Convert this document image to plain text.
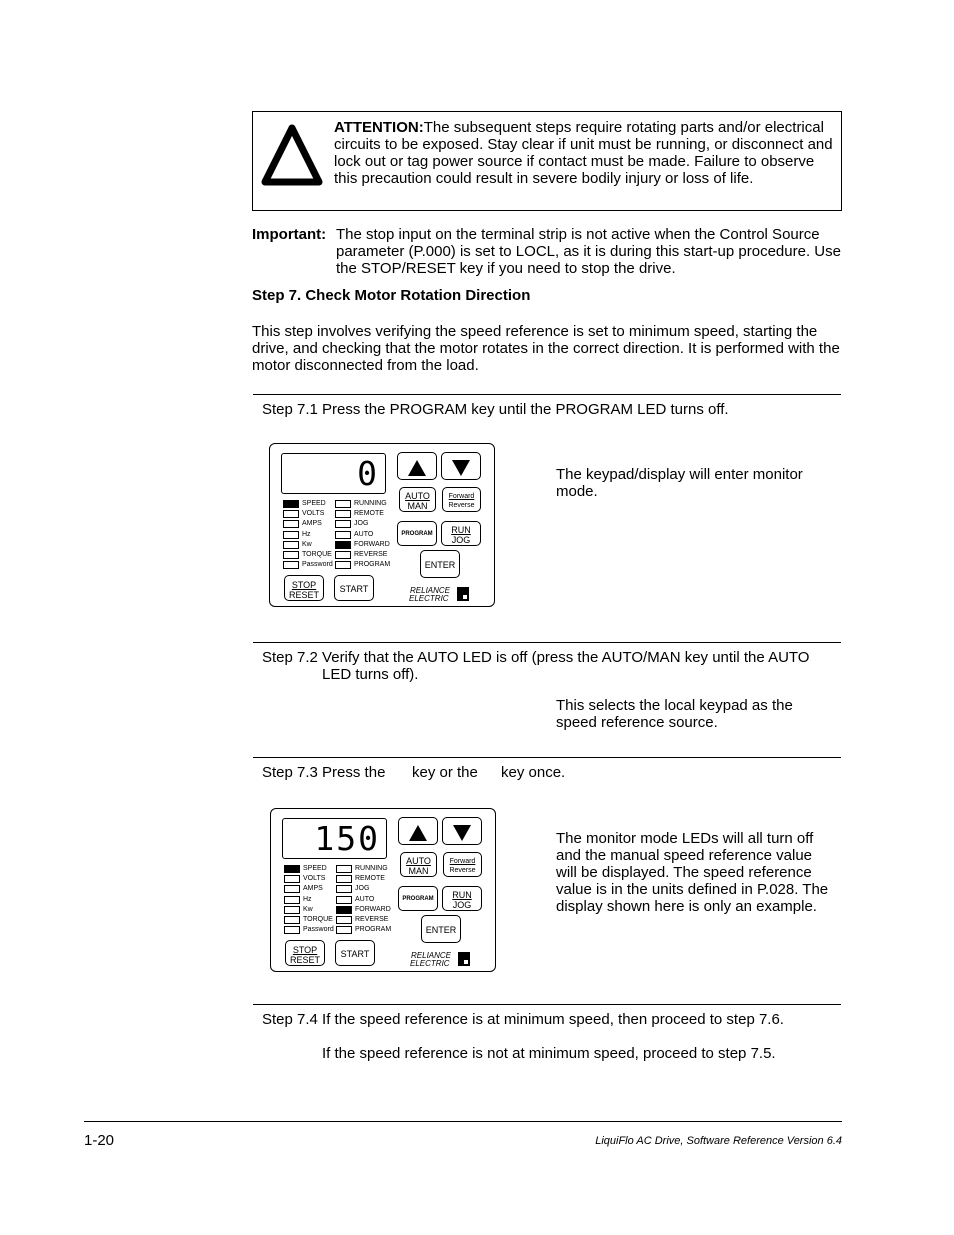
ATTENTION:The subsequent steps require rotating parts and/or electrical circuits to be exposed. Stay clear if unit must be running, or disconnect and lock out or tag power source if contact must be made. Failure to observe this precaution could result in severe bodily injury or loss of life.
Important: The stop input on the terminal strip is not active when the Control Source parameter (P.000) is set to LOCL, as it is during this start-up procedure. Use the STOP/RESET key if you need to stop the drive.
Step 7. Check Motor Rotation Direction
This step involves verifying the speed reference is set to minimum speed, starting the drive, and checking that the motor rotates in the correct direction. It is performed with the motor disconnected from the load.
Step 7.1 Press the PROGRAM key until the PROGRAM LED turns off.
The keypad/display will enter monitor mode.
0
SPEED	RUNNING
VOLTS	REMOTE
AMPS	JOG
Hz	AUTO
Kw	FORWARD
TORQUE	REVERSE
Password	PROGRAM
AUTO
MAN
Forward
Reverse
PROGRAM	RUN
JOG
ENTER
STOP
RESET
START	RELIANCE
ELECTRIC
Step 7.2 Verify that the AUTO LED is off (press the AUTO/MAN key until the AUTO
LED turns off).
This selects the local keypad as the speed reference source.
Step 7.3 Press the key or the key once.
The monitor mode LEDs will all turn off and the manual speed reference value will be displayed. The speed reference value is in the units defined in P.028. The display shown here is only an example.
150
SPEED	RUNNING
VOLTS	REMOTE
AMPS	JOG
Hz	AUTO
Kw	FORWARD
TORQUE	REVERSE
Password	PROGRAM
AUTO
MAN
Forward
Reverse
PROGRAM	RUN
JOG
ENTER
STOP
RESET
START	RELIANCE
ELECTRIC
Step 7.4 If the speed reference is at minimum speed, then proceed to step 7.6.
If the speed reference is not at minimum speed, proceed to step 7.5.
1-20	LiquiFlo AC Drive, Software Reference Version 6.4
